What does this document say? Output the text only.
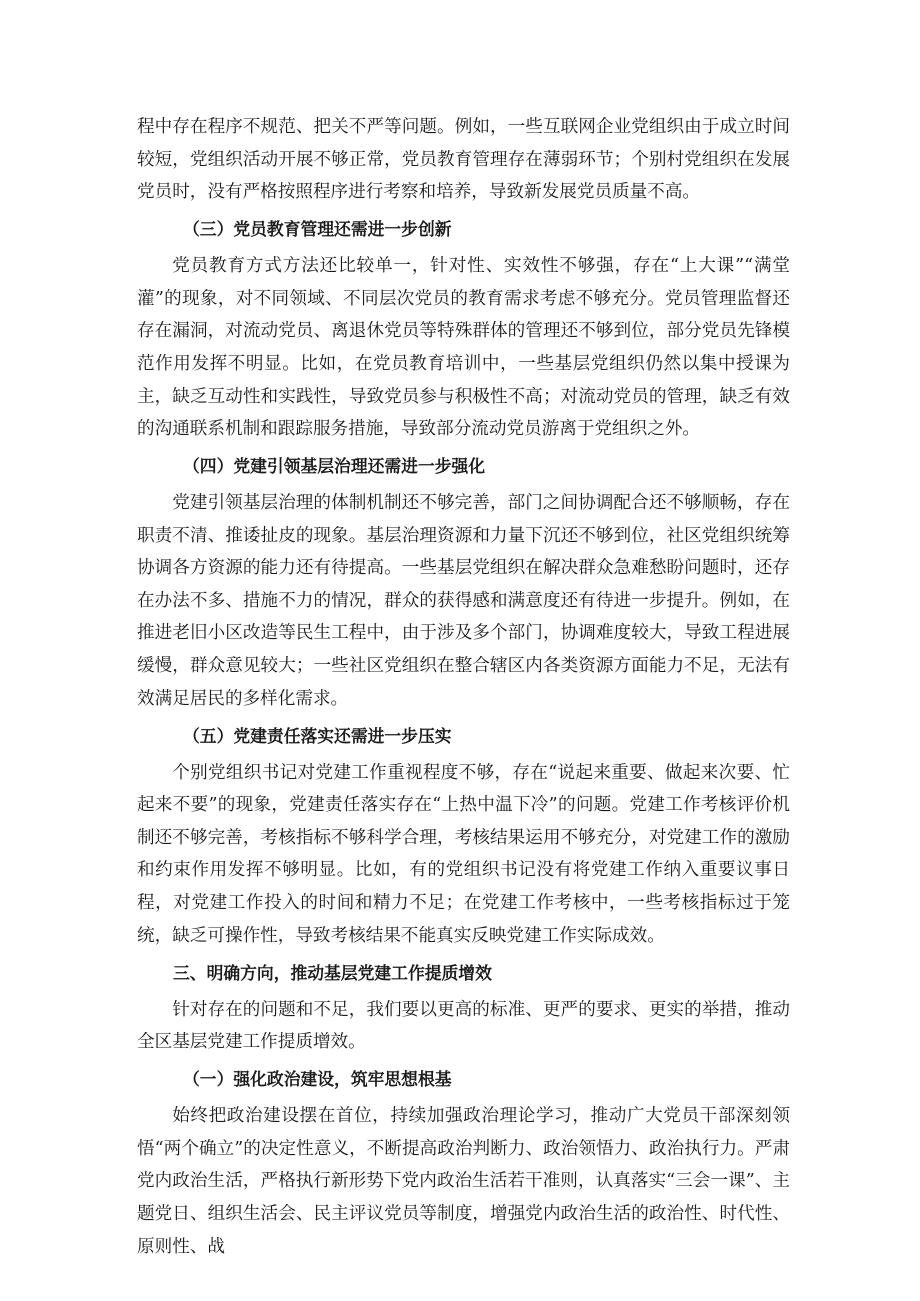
程中存在程序不规范、把关不严等问题。例如，一些互联网企业党组织由于成立时间较短，党组织活动开展不够正常，党员教育管理存在薄弱环节；个别村党组织在发展党员时，没有严格按照程序进行考察和培养，导致新发展党员质量不高。

（三）党员教育管理还需进一步创新

党员教育方式方法还比较单一，针对性、实效性不够强，存在“上大课”“满堂灌”的现象，对不同领域、不同层次党员的教育需求考虑不够充分。党员管理监督还存在漏洞，对流动党员、离退休党员等特殊群体的管理还不够到位，部分党员先锋模范作用发挥不明显。比如，在党员教育培训中，一些基层党组织仍然以集中授课为主，缺乏互动性和实践性，导致党员参与积极性不高；对流动党员的管理，缺乏有效的沟通联系机制和跟踪服务措施，导致部分流动党员游离于党组织之外。

（四）党建引领基层治理还需进一步强化

党建引领基层治理的体制机制还不够完善，部门之间协调配合还不够顺畅，存在职责不清、推诿扯皮的现象。基层治理资源和力量下沉还不够到位，社区党组织统筹协调各方资源的能力还有待提高。一些基层党组织在解决群众急难愁盼问题时，还存在办法不多、措施不力的情况，群众的获得感和满意度还有待进一步提升。例如，在推进老旧小区改造等民生工程中，由于涉及多个部门，协调难度较大，导致工程进展缓慢，群众意见较大；一些社区党组织在整合辖区内各类资源方面能力不足，无法有效满足居民的多样化需求。

（五）党建责任落实还需进一步压实

个别党组织书记对党建工作重视程度不够，存在“说起来重要、做起来次要、忙起来不要”的现象，党建责任落实存在“上热中温下冷”的问题。党建工作考核评价机制还不够完善，考核指标不够科学合理，考核结果运用不够充分，对党建工作的激励和约束作用发挥不够明显。比如，有的党组织书记没有将党建工作纳入重要议事日程，对党建工作投入的时间和精力不足；在党建工作考核中，一些考核指标过于笼统，缺乏可操作性，导致考核结果不能真实反映党建工作实际成效。

三、明确方向，推动基层党建工作提质增效

针对存在的问题和不足，我们要以更高的标准、更严的要求、更实的举措，推动全区基层党建工作提质增效。

（一）强化政治建设，筑牢思想根基

始终把政治建设摆在首位，持续加强政治理论学习，推动广大党员干部深刻领悟“两个确立”的决定性意义，不断提高政治判断力、政治领悟力、政治执行力。严肃党内政治生活，严格执行新形势下党内政治生活若干准则，认真落实“三会一课”、主题党日、组织生活会、民主评议党员等制度，增强党内政治生活的政治性、时代性、原则性、战
